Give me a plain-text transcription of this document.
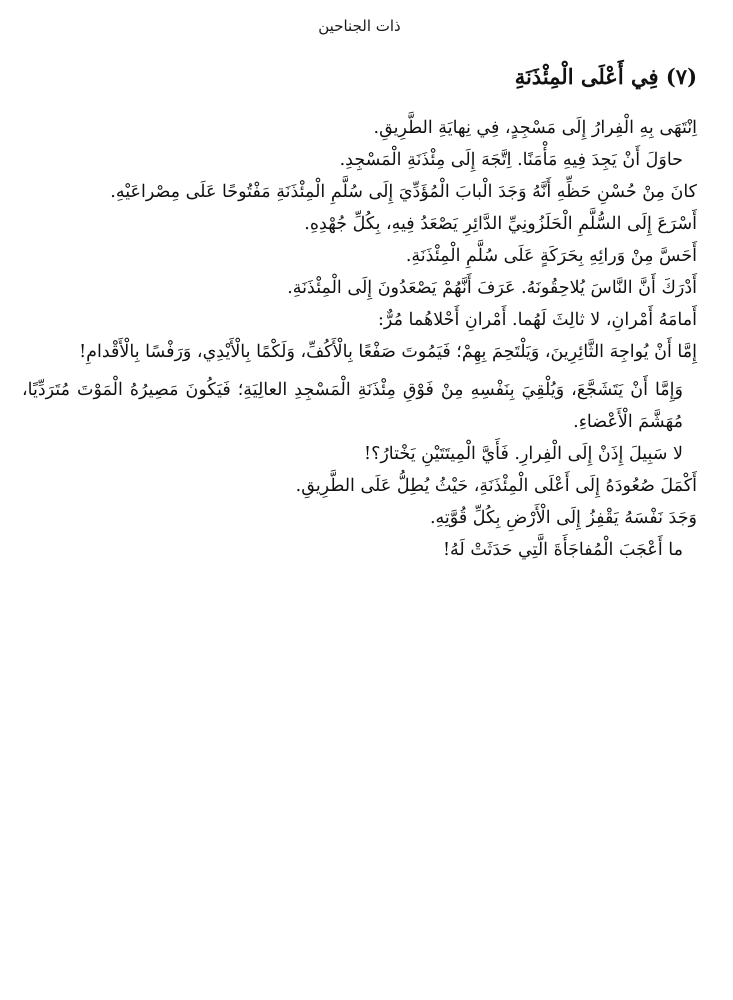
ذات الجناحين
(٧) فِي أَعْلَى الْمِئْذَنَةِ
اِنْتَهَى بِهِ الْفِرارُ إِلَى مَسْجِدٍ، فِي نِهايَةِ الطَّرِيقِ.
حاوَلَ أَنْ يَجِدَ فِيهِ مَأْمَنًا. اِتَّجَهَ إِلَى مِئْذَنَةِ الْمَسْجِدِ.
كانَ مِنْ حُسْنِ حَظِّهِ أَنَّهُ وَجَدَ الْبابَ الْمُؤَدِّيَ إِلَى سُلَّمِ الْمِئْذَنَةِ مَفْتُوحًا عَلَى مِصْراعَيْهِ.
أَسْرَعَ إِلَى السُّلَّمِ الْحَلَزُونِيِّ الدَّائِرِ يَصْعَدُ فِيهِ، بِكُلِّ جُهْدِهِ.
أَحَسَّ مِنْ وَرائِهِ بِحَرَكَةٍ عَلَى سُلَّمِ الْمِئْذَنَةِ.
أَدْرَكَ أَنَّ النَّاسَ يُلاحِقُونَهُ. عَرَفَ أَنَّهُمْ يَصْعَدُونَ إِلَى الْمِئْذَنَةِ.
أَمامَهُ أَمْرانِ، لا ثالِثَ لَهُما. أَمْرانِ أَحْلاهُما مُرٌّ:
إِمَّا أَنْ يُواجِهَ الثَّائِرِينَ، وَيَلْتَحِمَ بِهِمْ؛ فَيَمُوتَ صَفْعًا بِالْأَكُفِّ، وَلَكْمًا بِالْأَيْدِي، وَرَفْسًا بِالْأَقْدامِ!
وَإِمَّا أَنْ يَتَشَجَّعَ، وَيُلْقِيَ بِنَفْسِهِ مِنْ فَوْقِ مِئْذَنَةِ الْمَسْجِدِ العالِيَةِ؛ فَيَكُونَ مَصِيرُهُ الْمَوْتَ مُتَرَدِّيًا، مُهَشَّمَ الْأَعْضاءِ.
لا سَبِيلَ إِذَنْ إِلَى الْفِرارِ. فَأَيَّ الْمِيتَتَيْنِ يَخْتارُ؟!
أَكْمَلَ صُعُودَهُ إِلَى أَعْلَى الْمِئْذَنَةِ، حَيْثُ يُطِلُّ عَلَى الطَّرِيقِ.
وَجَدَ نَفْسَهُ يَقْفِزُ إِلَى الْأَرْضِ بِكُلِّ قُوَّتِهِ.
ما أَعْجَبَ الْمُفاجَأَةَ الَّتِي حَدَثَتْ لَهُ!
